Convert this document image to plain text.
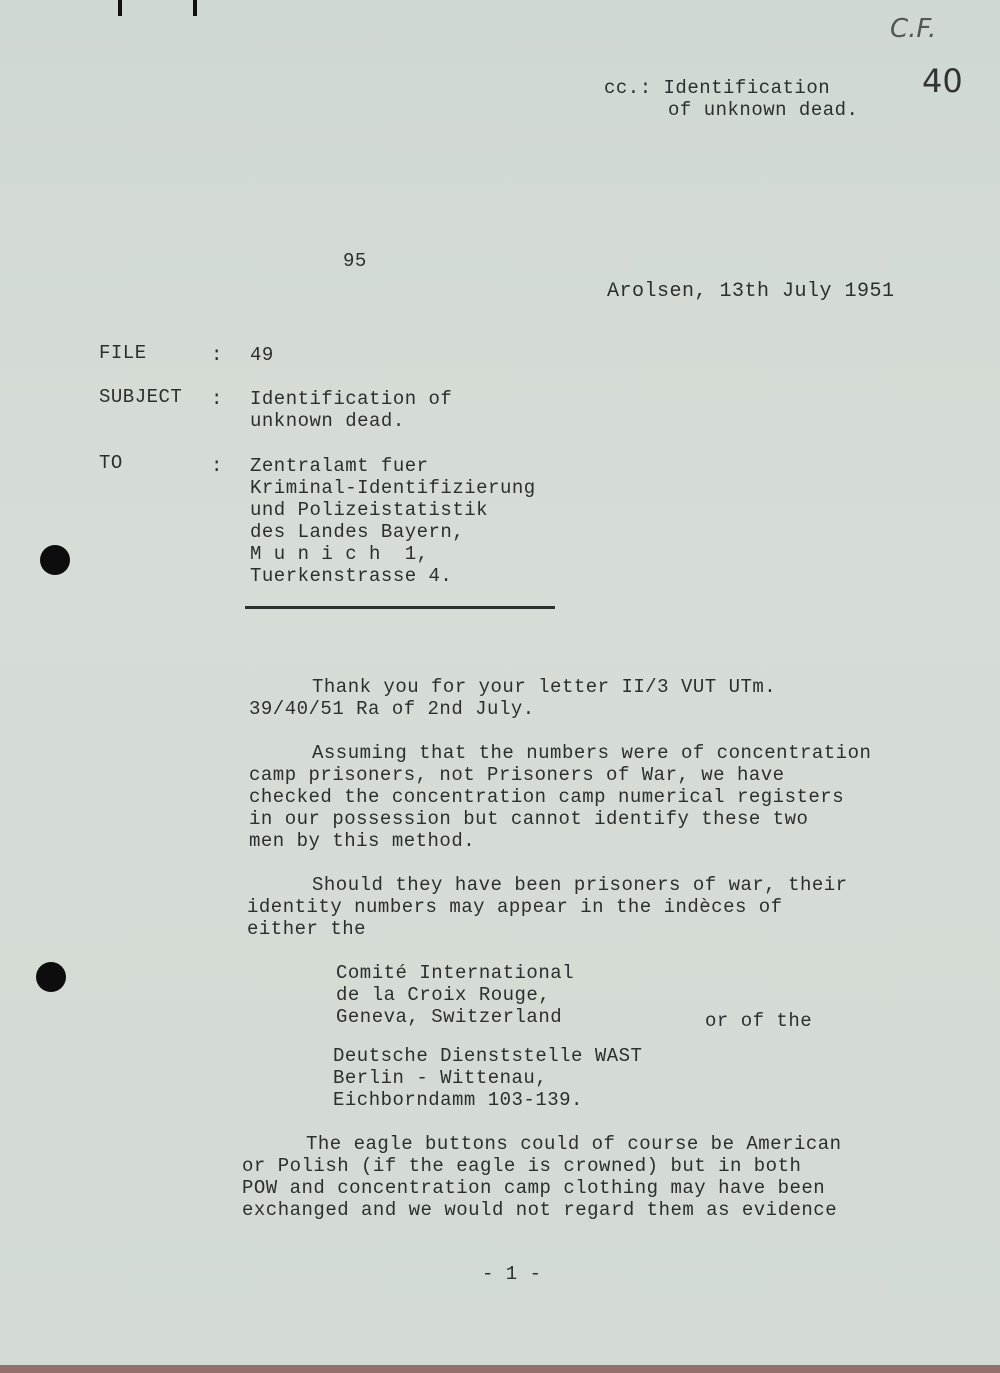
C.F.
40
cc.: Identification
of unknown dead.
95
Arolsen, 13th July 1951
FILE	: 49
SUBJECT : Identification of
unknown dead.
TO	: Zentralamt fuer
Kriminal-Identifizierung
und Polizeistatistik
des Landes Bayern,
M u n i c h  1,
Tuerkenstrasse 4.
Thank you for your letter II/3 VUT UTm.
39/40/51 Ra of 2nd July.
Assuming that the numbers were of concentration
camp prisoners, not Prisoners of War, we have
checked the concentration camp numerical registers
in our possession but cannot identify these two
men by this method.
Should they have been prisoners of war, their
identity numbers may appear in the indèces of
either the
Comité International
de la Croix Rouge,
Geneva, Switzerland	or of the
Deutsche Dienststelle WAST
Berlin - Wittenau,
Eichborndamm 103-139.
The eagle buttons could of course be American
or Polish (if the eagle is crowned) but in both
POW and concentration camp clothing may have been
exchanged and we would not regard them as evidence
- 1 -
